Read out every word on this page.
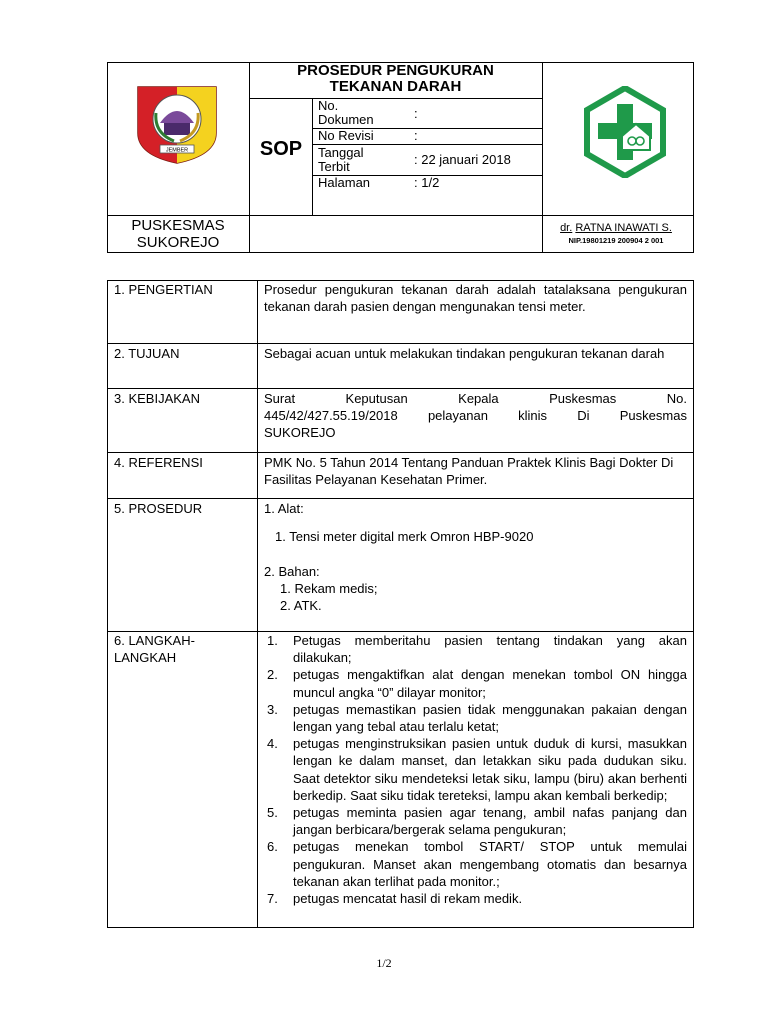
JEMBER
PROSEDUR PENGUKURAN
TEKANAN DARAH
SOP
No.
Dokumen	:
No Revisi	:
Tanggal
Terbit	: 22 januari 2018
Halaman	: 1/2
PUSKESMAS
SUKOREJO
dr. RATNA INAWATI S.
NIP.19801219 200904 2 001
1. PENGERTIAN	Prosedur pengukuran tekanan darah adalah tatalaksana pengukuran tekanan darah pasien dengan mengunakan tensi meter.
2. TUJUAN	Sebagai acuan untuk melakukan tindakan pengukuran tekanan darah
3. KEBIJAKAN	Surat	Keputusan	Kepala	Puskesmas	No.
445/42/427.55.19/2018 pelayanan klinis Di Puskesmas
SUKOREJO
4. REFERENSI	PMK No. 5 Tahun 2014 Tentang Panduan Praktek Klinis Bagi Dokter Di Fasilitas Pelayanan Kesehatan Primer.
5. PROSEDUR	1. Alat:
1. Tensi meter digital merk Omron HBP-9020
2. Bahan:
1. Rekam medis;
2. ATK.
6. LANGKAH-
LANGKAH
1. Petugas memberitahu pasien tentang tindakan yang akan dilakukan;
2. petugas mengaktifkan alat dengan menekan tombol ON hingga muncul angka “0” dilayar monitor;
3. petugas memastikan pasien tidak menggunakan pakaian dengan lengan yang tebal atau terlalu ketat;
4. petugas menginstruksikan pasien untuk duduk di kursi, masukkan lengan ke dalam manset, dan letakkan siku pada dudukan siku. Saat detektor siku mendeteksi letak siku, lampu (biru) akan berhenti berkedip. Saat siku tidak tereteksi, lampu akan kembali berkedip;
5. petugas meminta pasien agar tenang, ambil nafas panjang dan jangan berbicara/bergerak selama pengukuran;
6. petugas menekan tombol START/ STOP untuk memulai pengukuran. Manset akan mengembang otomatis dan besarnya tekanan akan terlihat pada monitor.;
7. petugas mencatat hasil di rekam medik.
1/2
